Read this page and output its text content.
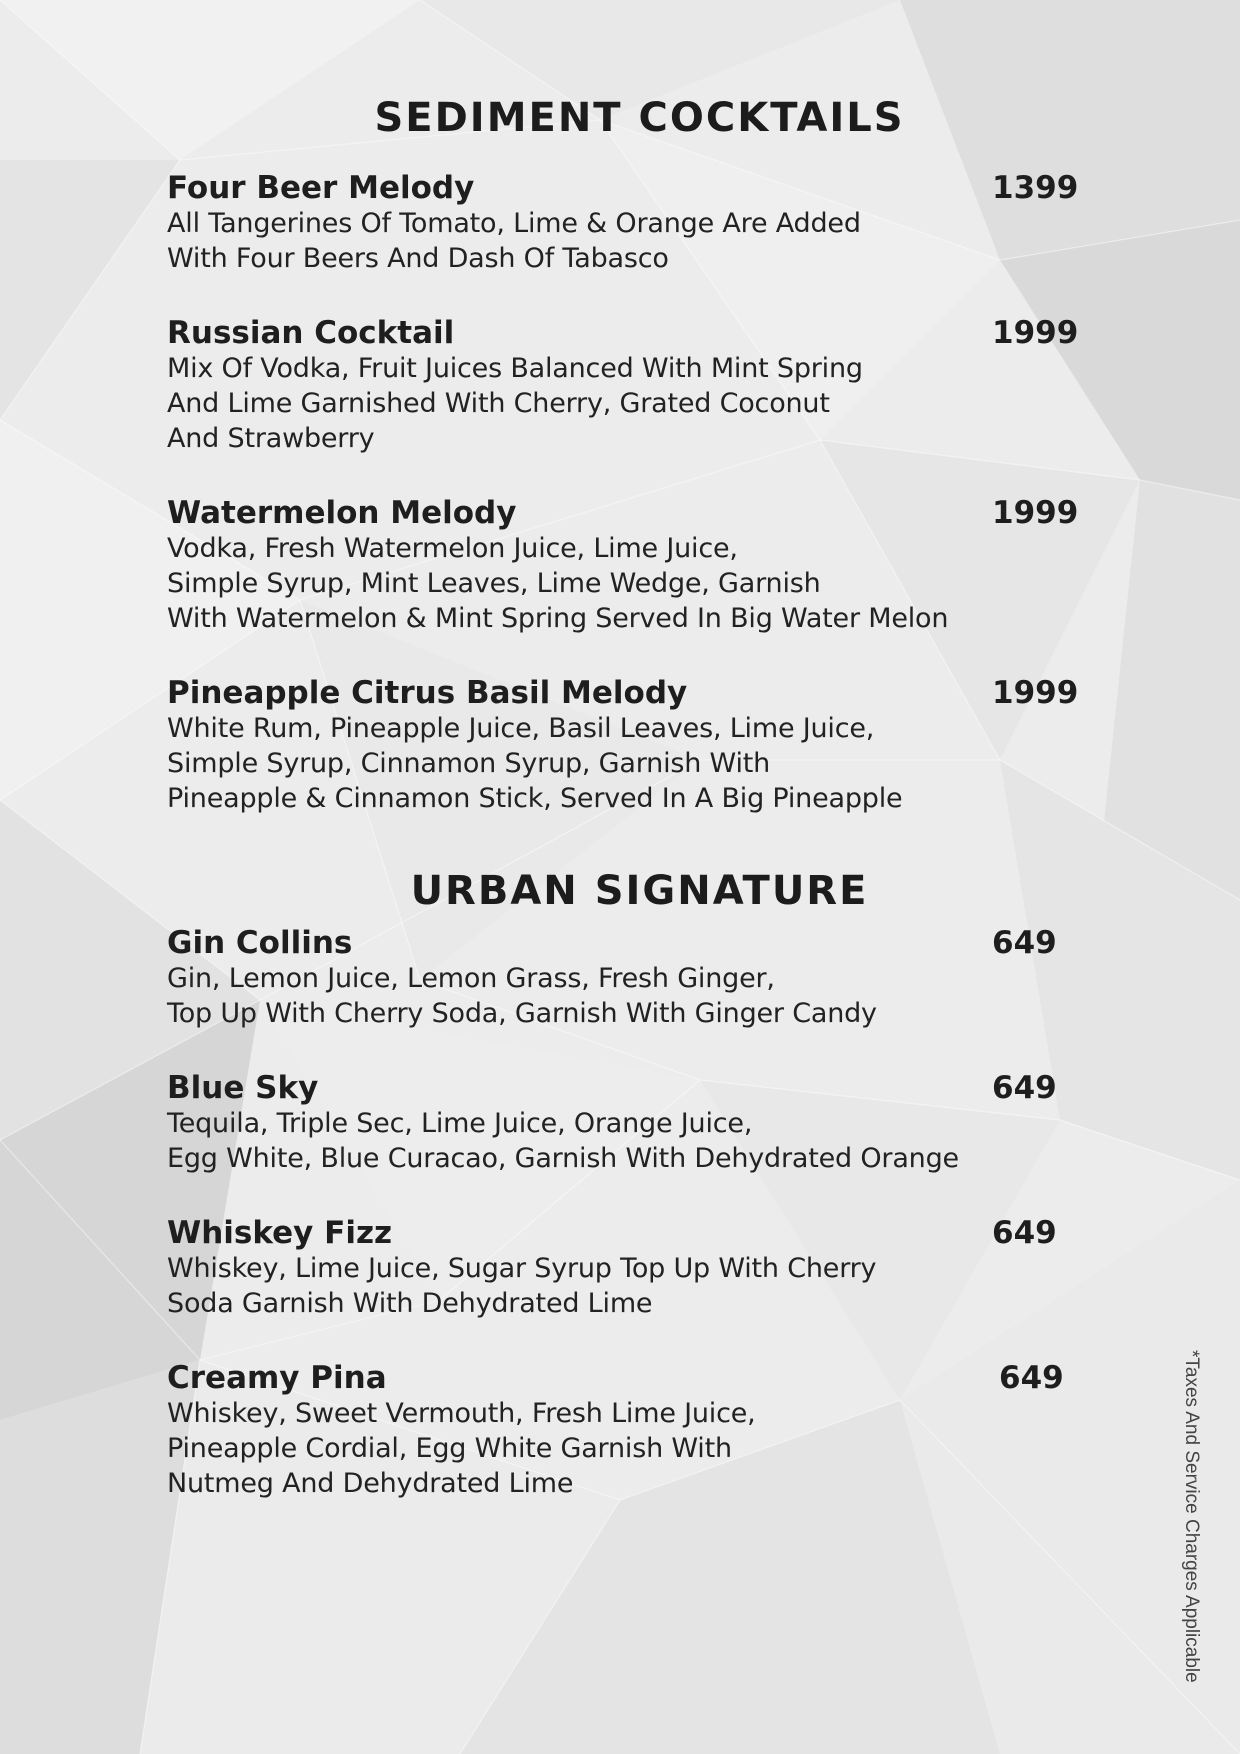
SEDIMENT COCKTAILS
Four Beer Melody	1399
All Tangerines Of Tomato, Lime & Orange Are Added
With Four Beers And Dash Of Tabasco
Russian Cocktail	1999
Mix Of Vodka, Fruit Juices Balanced With Mint Spring
And Lime Garnished With Cherry, Grated Coconut
And Strawberry
Watermelon Melody	1999
Vodka, Fresh Watermelon Juice, Lime Juice,
Simple Syrup, Mint Leaves, Lime Wedge, Garnish
With Watermelon & Mint Spring Served In Big Water Melon
Pineapple Citrus Basil Melody	1999
White Rum, Pineapple Juice, Basil Leaves, Lime Juice,
Simple Syrup, Cinnamon Syrup, Garnish With
Pineapple & Cinnamon Stick, Served In A Big Pineapple
URBAN SIGNATURE
Gin Collins	649
Gin, Lemon Juice, Lemon Grass, Fresh Ginger,
Top Up With Cherry Soda, Garnish With Ginger Candy
Blue Sky	649
Tequila, Triple Sec, Lime Juice, Orange Juice,
Egg White, Blue Curacao, Garnish With Dehydrated Orange
Whiskey Fizz	649
Whiskey, Lime Juice, Sugar Syrup Top Up With Cherry
Soda Garnish With Dehydrated Lime
Creamy Pina	649
Whiskey, Sweet Vermouth, Fresh Lime Juice,
Pineapple Cordial, Egg White Garnish With
Nutmeg And Dehydrated Lime	*Taxes And Service Charges Applicable
